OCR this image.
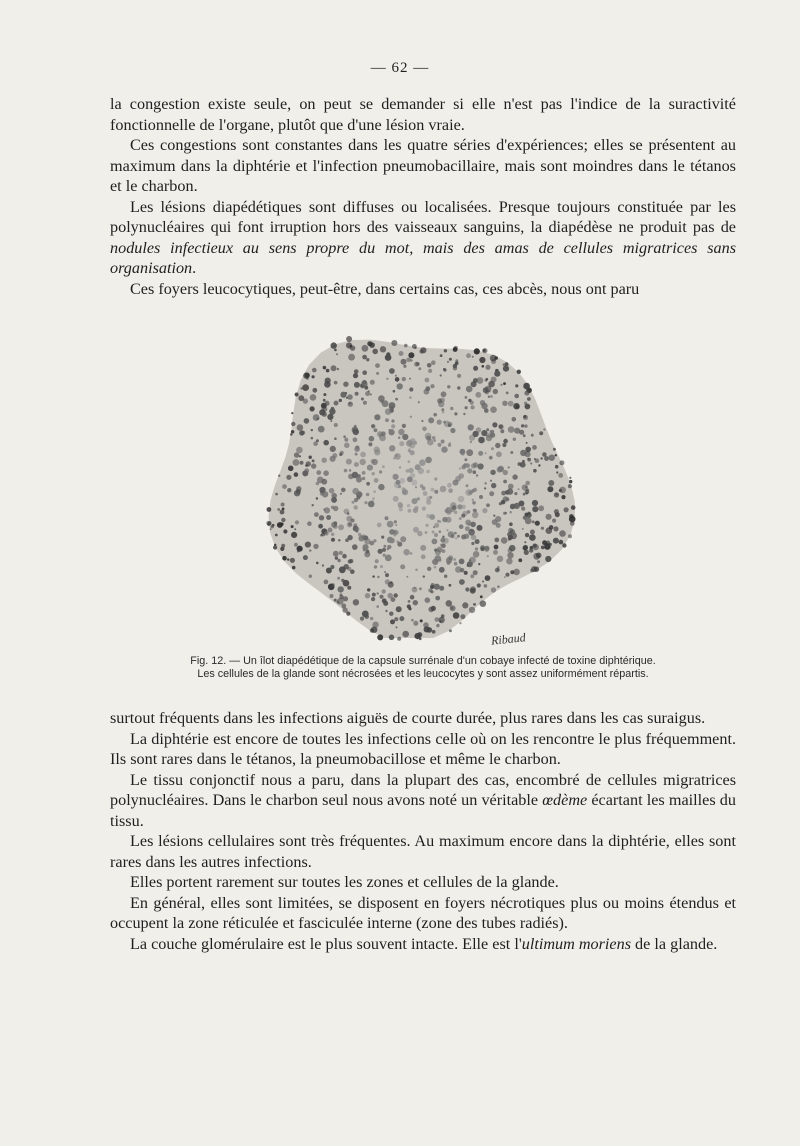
— 62 —

la congestion existe seule, on peut se demander si elle n'est pas l'indice de la suractivité fonctionnelle de l'organe, plutôt que d'une lésion vraie.

Ces congestions sont constantes dans les quatre séries d'expériences; elles se présentent au maximum dans la diphtérie et l'infection pneumobacillaire, mais sont moindres dans le tétanos et le charbon.

Les lésions diapédétiques sont diffuses ou localisées. Presque toujours constituée par les polynucléaires qui font irruption hors des vaisseaux sanguins, la diapédèse ne produit pas de nodules infectieux au sens propre du mot, mais des amas de cellules migratrices sans organisation.

Ces foyers leucocytiques, peut-être, dans certains cas, ces abcès, nous ont paru

Ribaud
Fig. 12. — Un îlot diapédétique de la capsule surrénale d'un cobaye infecté de toxine diphtérique.
Les cellules de la glande sont nécrosées et les leucocytes y sont assez uniformément répartis.

surtout fréquents dans les infections aiguës de courte durée, plus rares dans les cas suraigus.

La diphtérie est encore de toutes les infections celle où on les rencontre le plus fréquemment. Ils sont rares dans le tétanos, la pneumobacillose et même le charbon.

Le tissu conjonctif nous a paru, dans la plupart des cas, encombré de cellules migratrices polynucléaires. Dans le charbon seul nous avons noté un véritable œdème écartant les mailles du tissu.

Les lésions cellulaires sont très fréquentes. Au maximum encore dans la diphtérie, elles sont rares dans les autres infections.

Elles portent rarement sur toutes les zones et cellules de la glande.

En général, elles sont limitées, se disposent en foyers nécrotiques plus ou moins étendus et occupent la zone réticulée et fasciculée interne (zone des tubes radiés).

La couche glomérulaire est le plus souvent intacte. Elle est l'ultimum moriens de la glande.
